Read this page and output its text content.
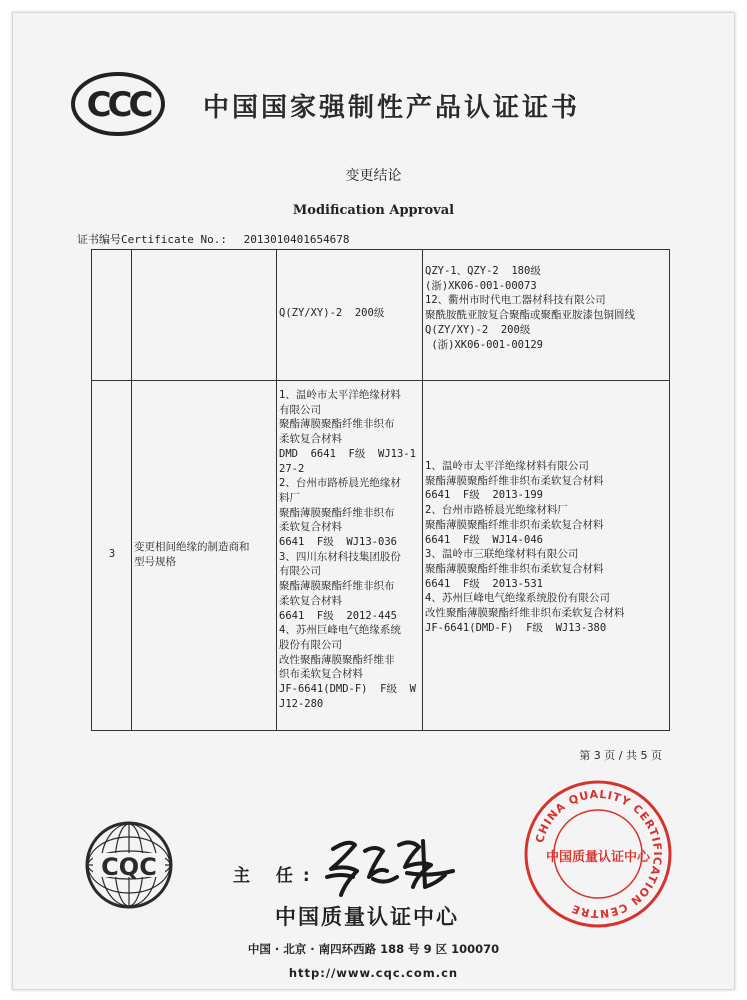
CCC 中国国家强制性产品认证证书
变更结论
Modification Approval
证书编号Certificate No.: 2013010401654678
Q(ZY/XY)-2  200级
QZY-1、QZY-2  180级
(浙)XK06-001-00073
12、衢州市时代电工器材科技有限公司
聚酰胺酰亚胺复合聚酯或聚酯亚胺漆包铜圆线
Q(ZY/XY)-2  200级
(浙)XK06-001-00129
3
变更相间绝缘的制造商和
型号规格
1、温岭市太平洋绝缘材料
有限公司
聚酯薄膜聚酯纤维非织布
柔软复合材料
DMD  6641  F级  WJ13-1
27-2
2、台州市路桥晨光绝缘材
料厂
聚酯薄膜聚酯纤维非织布
柔软复合材料
6641  F级  WJ13-036
3、四川东材科技集团股份
有限公司
聚酯薄膜聚酯纤维非织布
柔软复合材料
6641  F级  2012-445
4、苏州巨峰电气绝缘系统
股份有限公司
改性聚酯薄膜聚酯纤维非
织布柔软复合材料
JF-6641(DMD-F)  F级  W
J12-280
1、温岭市太平洋绝缘材料有限公司
聚酯薄膜聚酯纤维非织布柔软复合材料
6641  F级  2013-199
2、台州市路桥晨光绝缘材料厂
聚酯薄膜聚酯纤维非织布柔软复合材料
6641  F级  WJ14-046
3、温岭市三联绝缘材料有限公司
聚酯薄膜聚酯纤维非织布柔软复合材料
6641  F级  2013-531
4、苏州巨峰电气绝缘系统股份有限公司
改性聚酯薄膜聚酯纤维非织布柔软复合材料
JF-6641(DMD-F)  F级  WJ13-380
第 3 页 / 共 5 页
CQC	主 任:
中国质量认证中心
中国 · 北京 · 南四环西路 188 号 9 区 100070
http://www.cqc.com.cn
CHINA QUALITY CERTIFICATION CENTRE
中国质量认证中心
